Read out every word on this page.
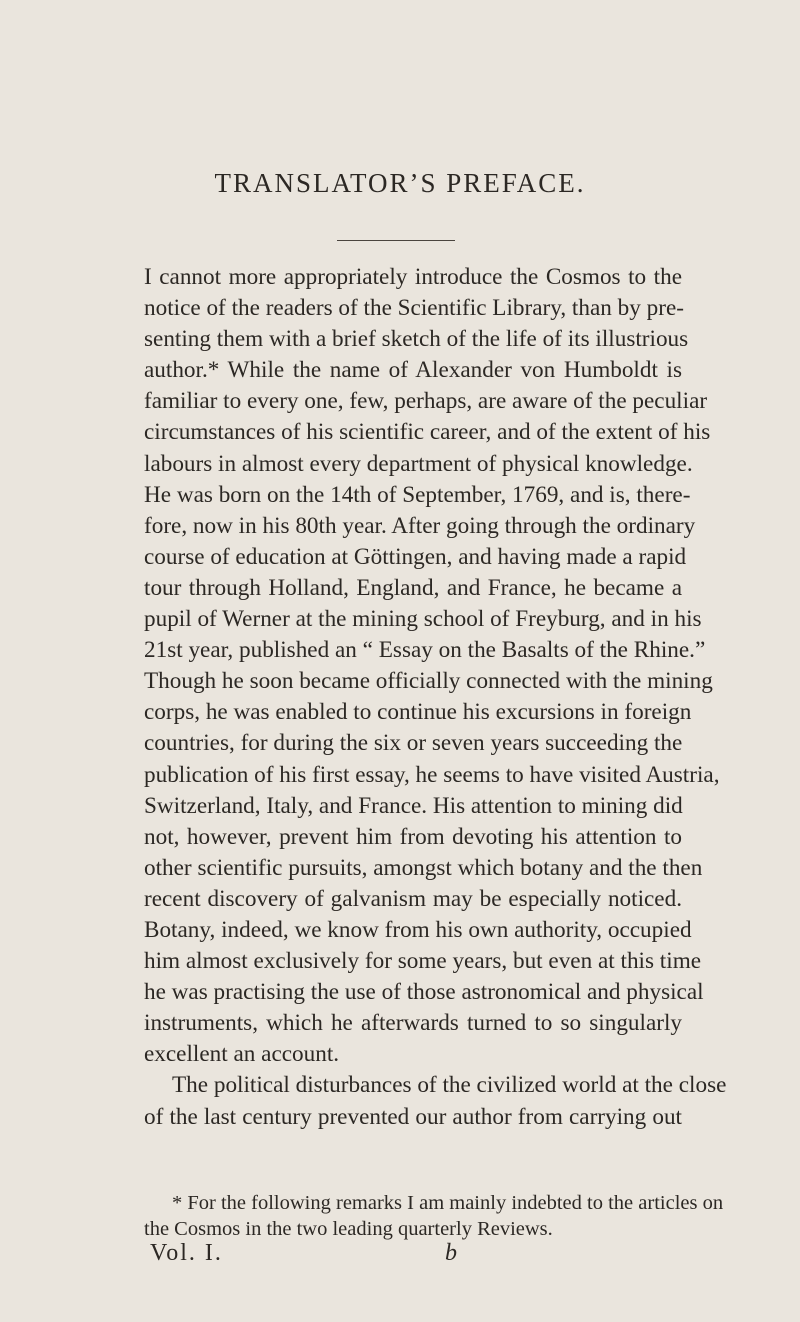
TRANSLATOR’S PREFACE.
I cannot more appropriately introduce the Cosmos to the
notice of the readers of the Scientific Library, than by pre-
senting them with a brief sketch of the life of its illustrious
author.* While the name of Alexander von Humboldt is
familiar to every one, few, perhaps, are aware of the peculiar
circumstances of his scientific career, and of the extent of his
labours in almost every department of physical knowledge.
He was born on the 14th of September, 1769, and is, there-
fore, now in his 80th year. After going through the ordinary
course of education at Göttingen, and having made a rapid
tour through Holland, England, and France, he became a
pupil of Werner at the mining school of Freyburg, and in his
21st year, published an “ Essay on the Basalts of the Rhine.”
Though he soon became officially connected with the mining
corps, he was enabled to continue his excursions in foreign
countries, for during the six or seven years succeeding the
publication of his first essay, he seems to have visited Austria,
Switzerland, Italy, and France. His attention to mining did
not, however, prevent him from devoting his attention to
other scientific pursuits, amongst which botany and the then
recent discovery of galvanism may be especially noticed.
Botany, indeed, we know from his own authority, occupied
him almost exclusively for some years, but even at this time
he was practising the use of those astronomical and physical
instruments, which he afterwards turned to so singularly
excellent an account.
The political disturbances of the civilized world at the close
of the last century prevented our author from carrying out
* For the following remarks I am mainly indebted to the articles on
the Cosmos in the two leading quarterly Reviews.
Vol. I.	b
